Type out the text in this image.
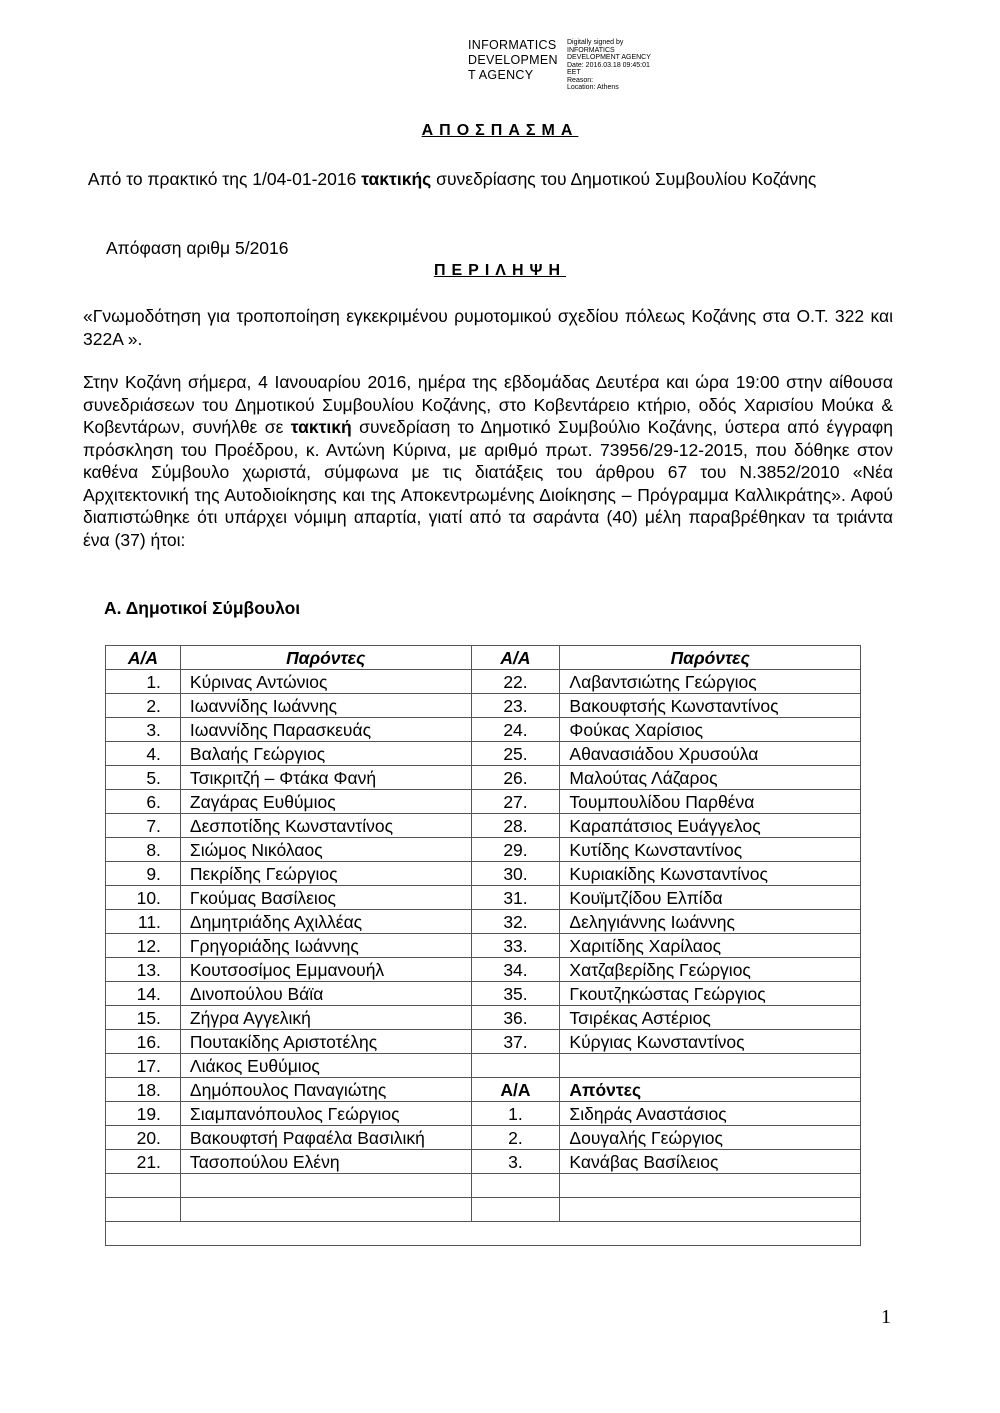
INFORMATICS
DEVELOPMEN
T AGENCY
Digitally signed by
INFORMATICS
DEVELOPMENT AGENCY
Date: 2016.03.18 09:45:01
EET
Reason:
Location: Athens
ΑΠΟΣΠΑΣΜΑ
Από το πρακτικό της 1/04-01-2016 τακτικής συνεδρίασης του Δημοτικού Συμβουλίου Κοζάνης
Απόφαση αριθμ 5/2016
ΠΕΡΙΛΗΨΗ
«Γνωμοδότηση για τροποποίηση εγκεκριμένου ρυμοτομικού σχεδίου πόλεως Κοζάνης στα Ο.Τ. 322 και 322Α ».
Στην Κοζάνη σήμερα, 4 Ιανουαρίου 2016, ημέρα της εβδομάδας Δευτέρα και ώρα 19:00 στην αίθουσα συνεδριάσεων του Δημοτικού Συμβουλίου Κοζάνης, στο Κοβεντάρειο κτήριο, οδός Χαρισίου Μούκα & Κοβεντάρων, συνήλθε σε τακτική συνεδρίαση το Δημοτικό Συμβούλιο Κοζάνης, ύστερα από έγγραφη πρόσκληση του Προέδρου, κ. Αντώνη Κύρινα, με αριθμό πρωτ. 73956/29-12-2015, που δόθηκε στον καθένα Σύμβουλο χωριστά, σύμφωνα με τις διατάξεις του άρθρου 67 του Ν.3852/2010 «Νέα Αρχιτεκτονική της Αυτοδιοίκησης και της Αποκεντρωμένης Διοίκησης – Πρόγραμμα Καλλικράτης». Αφού διαπιστώθηκε ότι υπάρχει νόμιμη απαρτία, γιατί από τα σαράντα (40) μέλη παραβρέθηκαν τα τριάντα ένα (37) ήτοι:
Α. Δημοτικοί Σύμβουλοι
Α/Α	Παρόντες	Α/Α	Παρόντες
1.	Κύρινας Αντώνιος	22.	Λαβαντσιώτης Γεώργιος
2.	Ιωαννίδης Ιωάννης	23.	Βακουφτσής Κωνσταντίνος
3.	Ιωαννίδης Παρασκευάς	24.	Φούκας Χαρίσιος
4.	Βαλαής Γεώργιος	25.	Αθανασιάδου Χρυσούλα
5.	Τσικριτζή – Φτάκα Φανή	26.	Μαλούτας Λάζαρος
6.	Ζαγάρας Ευθύμιος	27.	Τουμπουλίδου Παρθένα
7.	Δεσποτίδης Κωνσταντίνος	28.	Καραπάτσιος Ευάγγελος
8.	Σιώμος Νικόλαος	29.	Κυτίδης Κωνσταντίνος
9.	Πεκρίδης Γεώργιος	30.	Κυριακίδης Κωνσταντίνος
10.	Γκούμας Βασίλειος	31.	Κουϊμτζίδου Ελπίδα
11.	Δημητριάδης Αχιλλέας	32.	Δεληγιάννης Ιωάννης
12.	Γρηγοριάδης Ιωάννης	33.	Χαριτίδης Χαρίλαος
13.	Κουτσοσίμος Εμμανουήλ	34.	Χατζαβερίδης Γεώργιος
14.	Δινοπούλου Βάϊα	35.	Γκουτζηκώστας Γεώργιος
15.	Ζήγρα Αγγελική	36.	Τσιρέκας Αστέριος
16.	Πουτακίδης Αριστοτέλης	37.	Κύργιας Κωνσταντίνος
17.	Λιάκος Ευθύμιος		
18.	Δημόπουλος Παναγιώτης	Α/Α	Απόντες
19.	Σιαμπανόπουλος Γεώργιος	1.	Σιδηράς Αναστάσιος
20.	Βακουφτσή Ραφαέλα Βασιλική	2.	Δουγαλής Γεώργιος
21.	Τασοπούλου Ελένη	3.	Κανάβας Βασίλειος

1
